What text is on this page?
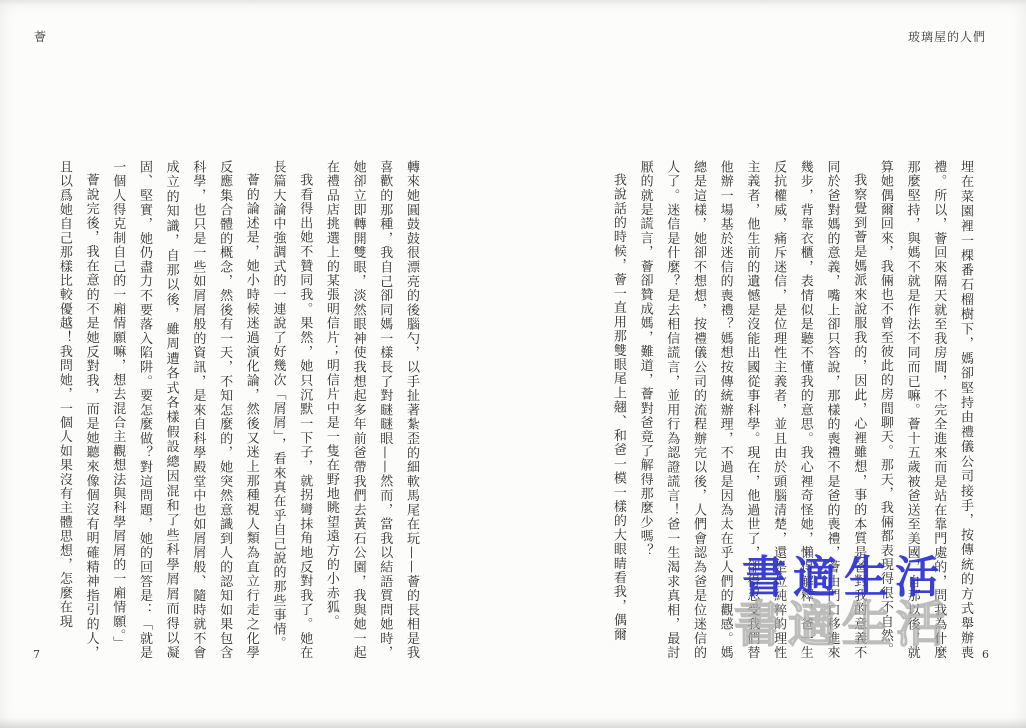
薈	玻璃屋的人們

轉來她圓鼓鼓很漂亮的後腦勺，以手扯著紮歪的細軟馬尾在玩——薈的長相是我喜歡的那種，我自己卻同媽一樣長了對瞇瞇眼——然而，當我以結語質問她時，她卻立即轉開雙眼，淡然眼神使我想起多年前爸帶我們去黃石公園，我與她一起在禮品店挑選上的某張明信片；明信片中是一隻在野地眺望遠方的小赤狐。

我看得出她不贊同我。果然，她只沉默一下子，就拐彎抹角地反對我了。她在長篇大論中強調式的一連說了好幾次「屑屑」，看來真在乎自己說的那些事情。

薈的論述是，她小時候迷過演化論，然後又迷上那種視人類為直立行走之化學反應集合體的概念，然後有一天，不知怎麼的，她突然意識到人的認知如果包含科學，也只是一些如屑屑般的資訊，是來自科學殿堂中也如屑屑般、隨時就不會成立的知識，自那以後，雖周遭各式各樣假設總因混和了些科學屑屑而得以凝固、堅實，她仍盡力不要落入陷阱。要怎麼做？對這問題，她的回答是：「就是一個人得克制自己的一廂情願嘛，想去混合主觀想法與科學屑屑的一廂情願。」

薈說完後，我在意的不是她反對我，而是她聽來像個沒有明確精神指引的人，且以爲她自己那樣比較優越！我問她，一個人如果沒有主體思想，怎麼在現	埋在菜園裡一棵番石榴樹下，媽卻堅持由禮儀公司接手，按傳統的方式舉辦喪禮。所以，薈回來隔天就至我房間，不完全進來而是站在靠門處的，問我為什麼那麼堅持，與媽不就是作法不同而已嘛。薈十五歲被爸送至美國，自那以後，就算她偶爾回來，我倆也不曾至彼此的房間聊天。那天，我倆都表現得很不自然。

我察覺到薈是媽派來說服我的，因此，心裡雖想，事的本質是爸對我的意義不同於爸對媽的意義，嘴上卻只答說，那樣的喪禮不是爸的喪禮，薈由門口移進來幾步，背靠衣櫃，表情似是聽不懂我的意思。我心裡奇怪她，懶得解釋，爸一生反抗權威，痛斥迷信，是位理性主義者，並且由於頭腦清楚，還是位純粹的理性主義者，他生前的遺憾是沒能出國從事科學。現在，他過世了，卻得忍受我們替他辦一場基於迷信的喪禮？媽想按傳統辦理，不過是因為太在乎人們的觀感。媽總是這樣，她卻不想想，按禮儀公司的流程辦完以後，人們會認為爸是位迷信的人了。迷信是什麼？是去相信謊言，並用行為認證謊言！爸一生渴求真相，最討厭的就是謊言，薈卻贊成媽，難道，薈對爸竟了解得那麼少嗎？

我說話的時候，薈一直用那雙眼尾上翹、和爸一模一樣的大眼睛看我，偶爾	書適生活
書適生活
7	6
